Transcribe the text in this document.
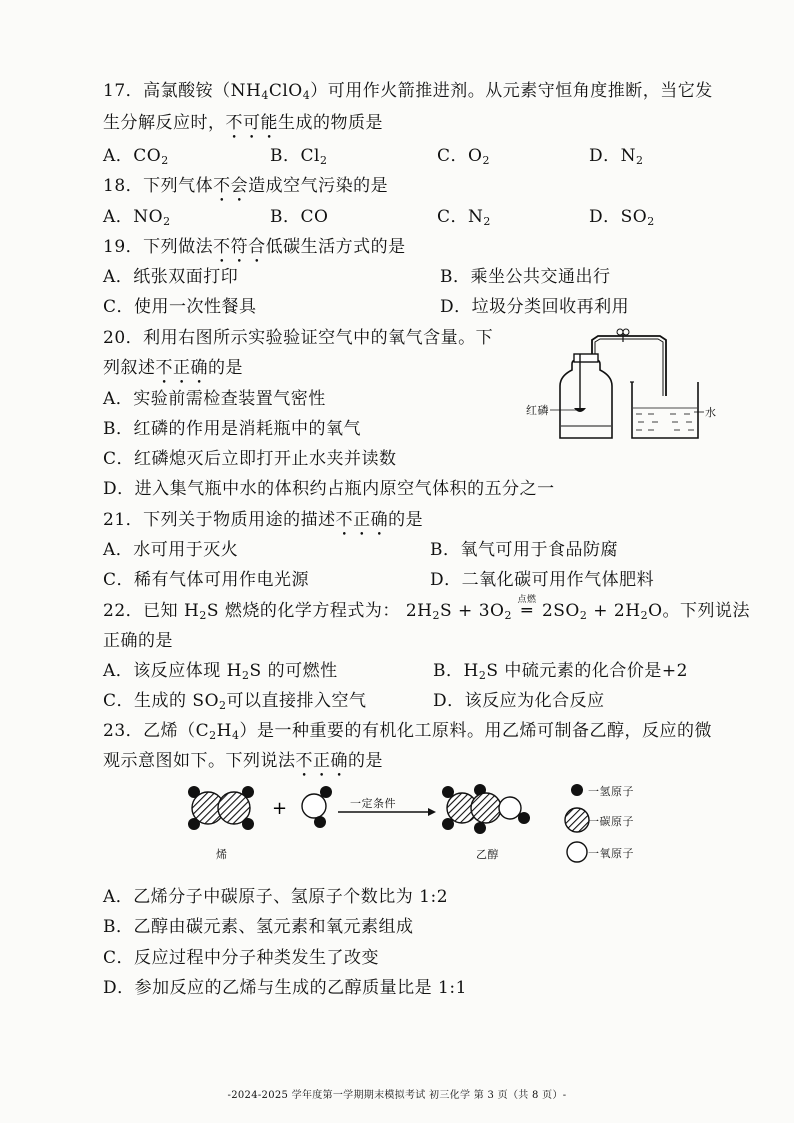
17．高氯酸铵$(NH_4ClO_4)$可用作火箭推进剂。从元素守恒角度推断，当它发
生分解反应时，不可能生成的物质是
A．$CO_2$	B．$Cl_2$	C．$O_2$	D．$N_2$
18．下列气体不会造成空气污染的是
A．$NO_2$	B．CO	C．$N_2$	D．$SO_2$
19．下列做法不符合低碳生活方式的是
A．纸张双面打印	B．乘坐公共交通出行
C．使用一次性餐具	D．垃圾分类回收再利用
20．利用右图所示实验验证空气中的氧气含量。下
列叙述不正确的是
A．实验前需检查装置气密性
B．红磷的作用是消耗瓶中的氧气
C．红磷熄灭后立即打开止水夹并读数
D．进入集气瓶中水的体积约占瓶内原空气体积的五分之一
红磷	水
21．下列关于物质用途的描述不正确的是
A．水可用于灭火	B．氧气可用于食品防腐
C．稀有气体可用作电光源	D．二氧化碳可用作气体肥料
22．已知 $H_2S$ 燃烧的化学方程式为： $2H_2S + 3O_2$
点燃
═ $2SO_2 + 2H_2O$。下列说法
正确的是
A．该反应体现 $H_2S$ 的可燃性	B．$H_2S$ 中硫元素的化合价是+2
C．生成的 $SO_2$可以直接排入空气	D．该反应为化合反应
23．乙烯$(C_2H_4)$是一种重要的有机化工原料。用乙烯可制备乙醇，反应的微
观示意图如下。下列说法不正确的是
+
烯
一定条件
乙醇
一氢原子
一碳原子
一氧原子
A．乙烯分子中碳原子、氢原子个数比为 1:2
B．乙醇由碳元素、氢元素和氧元素组成
C．反应过程中分子种类发生了改变
D．参加反应的乙烯与生成的乙醇质量比是 1:1
-2024-2025 学年度第一学期期末模拟考试 初三化学 第 3 页（共 8 页）-
